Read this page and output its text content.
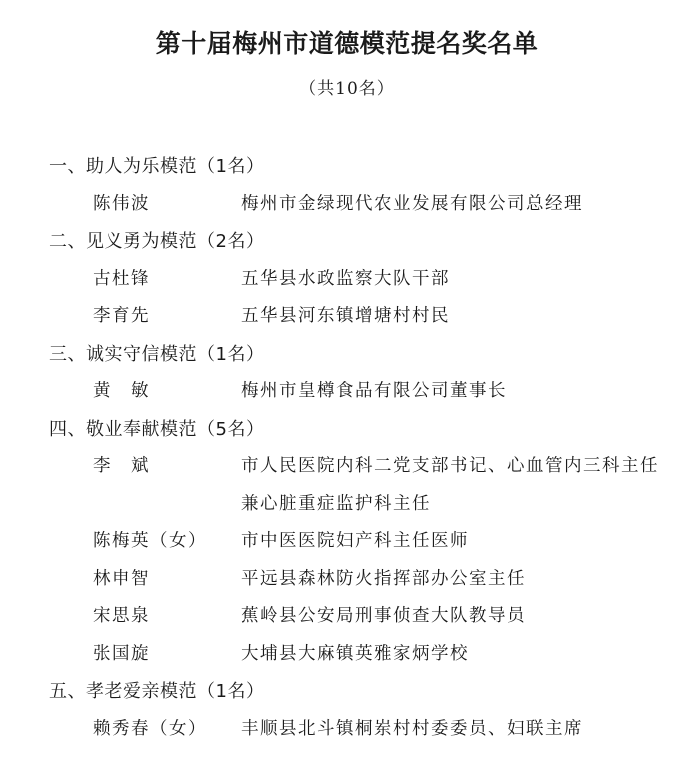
第十届梅州市道德模范提名奖名单
（共10名）
一、助人为乐模范（1名）
陈伟波	梅州市金绿现代农业发展有限公司总经理
二、见义勇为模范（2名）
古杜锋	五华县水政监察大队干部
李育先	五华县河东镇增塘村村民
三、诚实守信模范（1名）
黄　敏	梅州市皇樽食品有限公司董事长
四、敬业奉献模范（5名）
李　斌	市人民医院内科二党支部书记、心血管内三科主任
兼心脏重症监护科主任
陈梅英（女） 市中医医院妇产科主任医师
林申智	平远县森林防火指挥部办公室主任
宋思泉	蕉岭县公安局刑事侦查大队教导员
张国旋	大埔县大麻镇英雅家炳学校
五、孝老爱亲模范（1名）
赖秀春（女） 丰顺县北斗镇桐岽村村委委员、妇联主席
